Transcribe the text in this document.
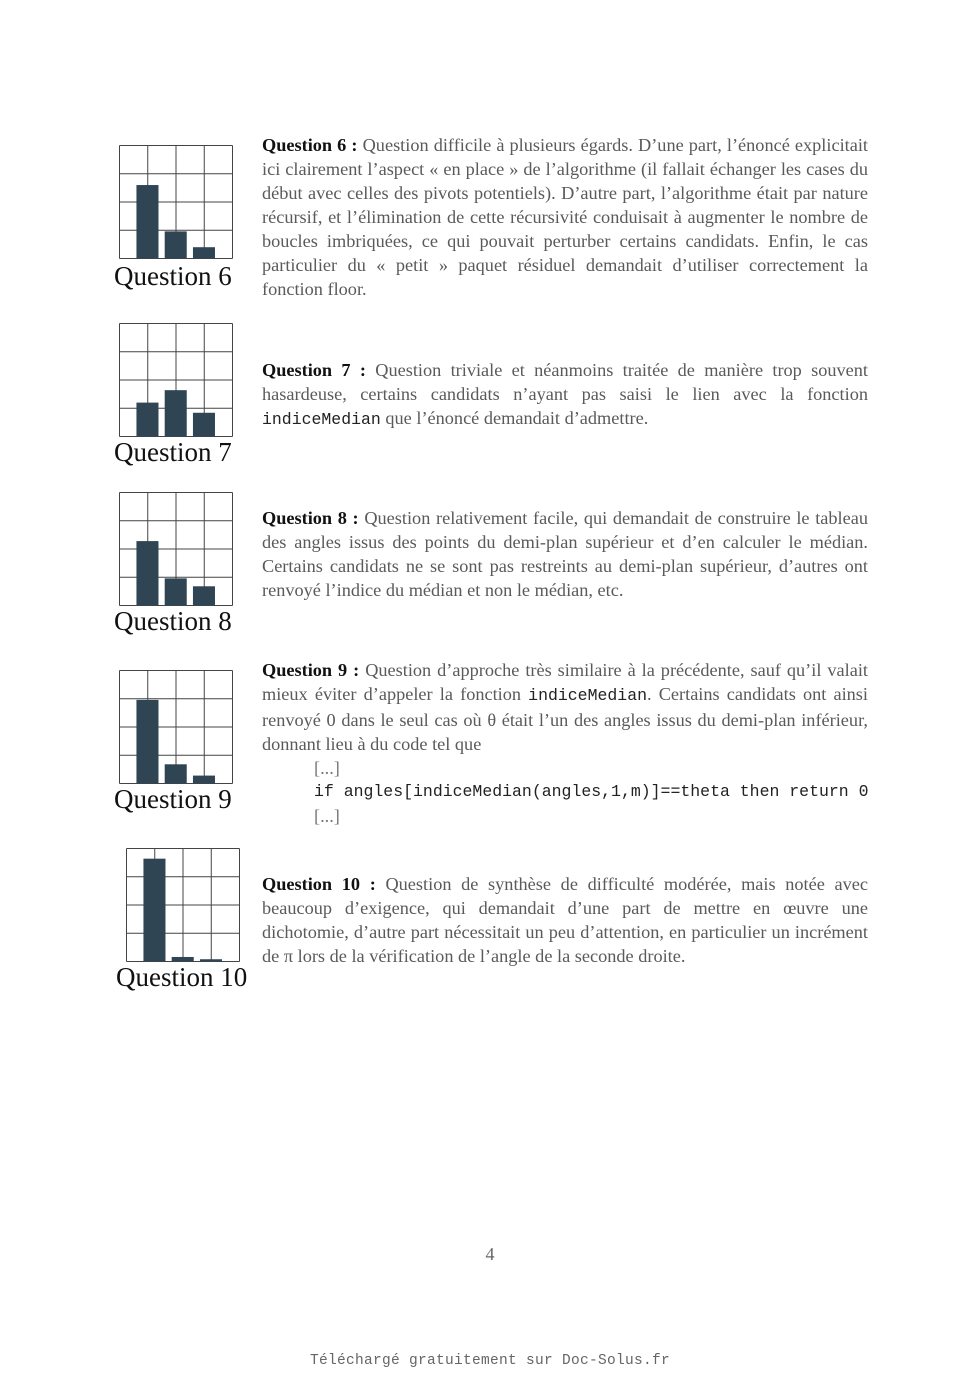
Question 6
Question 6 : Question difficile à plusieurs égards. D’une part, l’énoncé explicitait ici clairement l’aspect « en place » de l’algorithme (il fallait échanger les cases du début avec celles des pivots potentiels). D’autre part, l’algorithme était par nature récursif, et l’élimination de cette récursivité conduisait à augmenter le nombre de boucles imbriquées, ce qui pouvait perturber certains candidats. Enfin, le cas particulier du « petit » paquet résiduel demandait d’utiliser correctement la fonction floor.
Question 7
Question 7 : Question triviale et néanmoins traitée de manière trop souvent hasardeuse, certains candidats n’ayant pas saisi le lien avec la fonction indiceMedian que l’énoncé demandait d’admettre.
Question 8
Question 8 : Question relativement facile, qui demandait de construire le tableau des angles issus des points du demi-plan supérieur et d’en calculer le médian. Certains candidats ne se sont pas restreints au demi-plan supérieur, d’autres ont renvoyé l’indice du médian et non le médian, etc.
Question 9
Question 9 : Question d’approche très similaire à la précédente, sauf qu’il valait mieux éviter d’appeler la fonction indiceMedian. Certains candidats ont ainsi renvoyé 0 dans le seul cas où θ était l’un des angles issus du demi-plan inférieur, donnant lieu à du code tel que
[...]
if angles[indiceMedian(angles,1,m)]==theta then return 0
[...]
Question 10
Question 10 : Question de synthèse de difficulté modérée, mais notée avec beaucoup d’exigence, qui demandait d’une part de mettre en œuvre une dichotomie, d’autre part nécessitait un peu d’attention, en particulier un incrément de π lors de la vérification de l’angle de la seconde droite.
4
Téléchargé gratuitement sur Doc-Solus.fr
